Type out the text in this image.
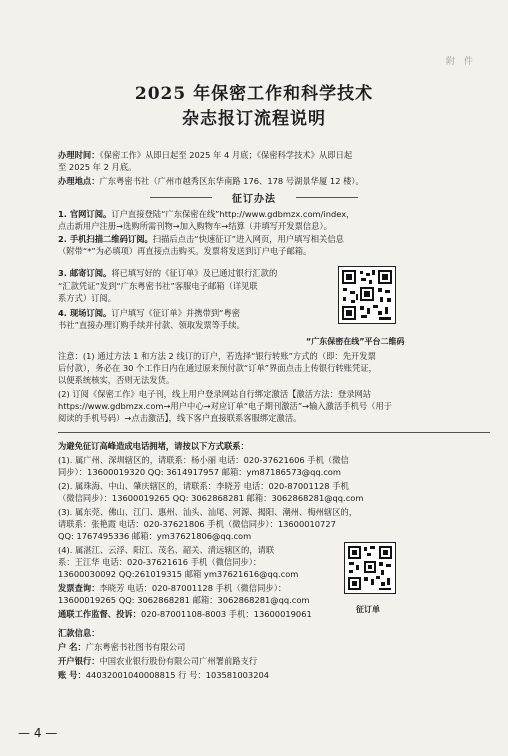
附 件
2025 年保密工作和科学技术
杂志报订流程说明
办理时间：《保密工作》从即日起至 2025 年 4 月底；《保密科学技术》从即日起
至 2025 年 2 月底。
办理地点：广东粤密书社（广州市越秀区东华南路 176、178 号湖景华厦 12 楼）。
征订办法
1. 官网订阅。订户直接登陆“广东保密在线”http://www.gdbmzx.com/index，
点击新用户注册→选购所需刊物→加入购物车→结算（并填写开发票信息）。
2. 手机扫描二维码订阅。扫描后点击“快速征订”进入网页，用户填写相关信息
（附带“*”为必填项）再直接点击购买。发票将发送到订户电子邮箱。
3. 邮寄订阅。将已填写好的《征订单》及已通过银行汇款的
“汇款凭证”发到“广东粤密书社”客服电子邮箱（详见联
系方式）订阅。
4. 现场订阅。订户填写《征订单》并携带到“粤密
书社”直接办理订购手续并付款、领取发票等手续。
“广东保密在线”平台二维码
注意：(1) 通过方法 1 和方法 2 线订的订户，若选择“银行转账”方式的（即：先开发票
后付款），务必在 30 个工作日内在通过原来预付款“订单”界面点击上传银行转账凭证，
以便系统核实，否则无法发货。
(2) 订阅《保密工作》电子刊，线上用户登录网站自行绑定激活【激活方法：登录网站
https://www.gdbmzx.com→用户中心→对应订单“电子期刊激活”→输入激活手机号（用于
阅读的手机号码）→点击激活】，线下客户直接联系客服绑定激活。
为避免征订高峰造成电话拥堵，请按以下方式联系：
(1). 属广州、深圳辖区的，请联系：杨小丽 电话：020-37621606 手机（微信
同步）：13600019320 QQ: 3614917957 邮箱：ym87186573@qq.com
(2). 属珠海、中山、肇庆辖区的，请联系：李晓芳 电话：020-87001128 手机
（微信同步）：13600019265 QQ: 3062868281 邮箱：3062868281@qq.com
(3). 属东莞、佛山、江门、惠州、汕头、汕尾、河源、揭阳、潮州、梅州辖区的，
请联系：张艳霞 电话：020-37621806 手机（微信同步）：13600010727
QQ: 1767495336 邮箱：ym37621806@qq.com
(4). 属湛江、云浮、阳江、茂名、韶关、清远辖区的，请联
系：王江华 电话：020-37621616 手机（微信同步）：
13600030092 QQ:261019315 邮箱 ym37621616@qq.com
发票查询：李晓芳 电话：020-87001128 手机（微信同步）：
13600019265 QQ: 3062868281 邮箱：3062868281@qq.com
通联工作监督、投诉：020-87001108-8003 手机：13600019061	征订单
汇款信息：
户 名：广东粤密书社图书有限公司
开户银行：中国农业银行股份有限公司广州署前路支行
账 号：44032001040008815 行 号：103581003204
— 4 —
